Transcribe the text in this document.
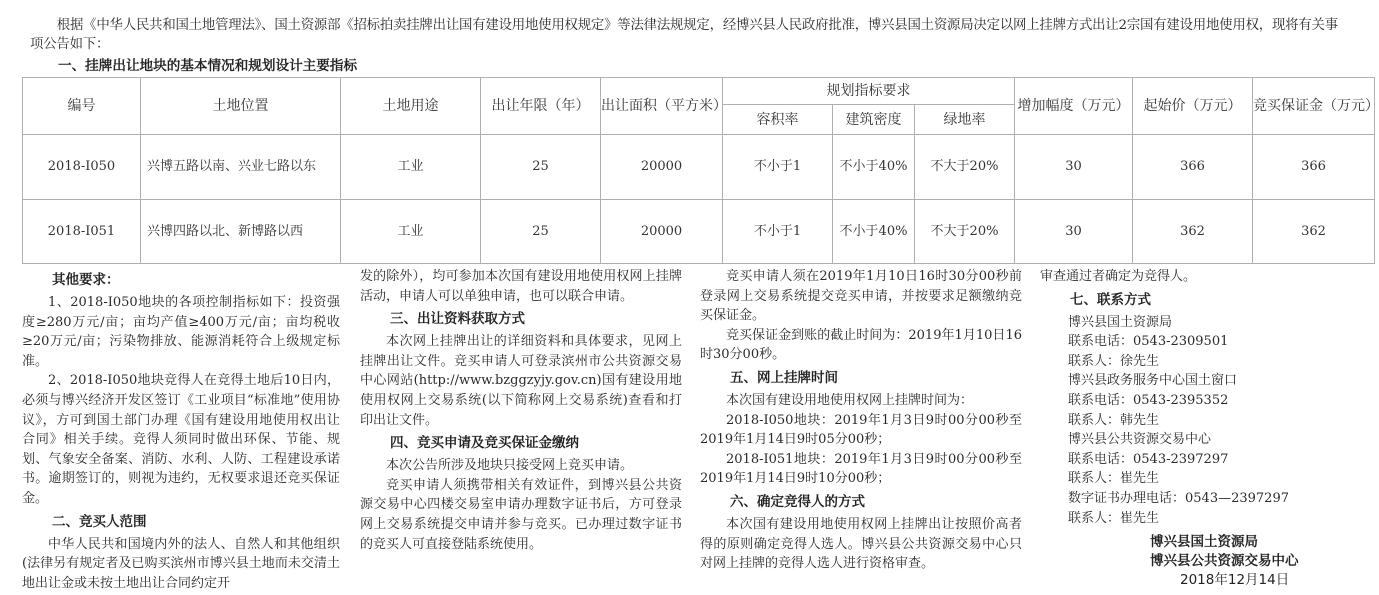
根据《中华人民共和国土地管理法》、国土资源部《招标拍卖挂牌出让国有建设用地使用权规定》等法律法规规定，经博兴县人民政府批准，博兴县国土资源局决定以网上挂牌方式出让2宗国有建设用地使用权，现将有关事项公告如下：
一、挂牌出让地块的基本情况和规划设计主要指标
编号	土地位置	土地用途	出让年限（年）	出让面积（平方米）	规划指标要求			增加幅度（万元）	起始价（万元）	竞买保证金（万元）
					容积率	建筑密度	绿地率			
2018-I050	兴博五路以南、兴业七路以东	工业	25	20000	不小于1	不小于40%	不大于20%	30	366	366
2018-I051	兴博四路以北、新博路以西	工业	25	20000	不小于1	不小于40%	不大于20%	30	362	362
其他要求：

1、2018-I050地块的各项控制指标如下：投资强度≥280万元/亩；亩均产值≥400万元/亩；亩均税收≥20万元/亩；污染物排放、能源消耗符合上级规定标准。

2、2018-I050地块竞得人在竞得土地后10日内，必须与博兴经济开发区签订《工业项目“标准地”使用协议》，方可到国土部门办理《国有建设用地使用权出让合同》相关手续。竞得人须同时做出环保、节能、规划、气象安全备案、消防、水利、人防、工程建设承诺书。逾期签订的，则视为违约，无权要求退还竞买保证金。

二、竞买人范围

中华人民共和国境内外的法人、自然人和其他组织(法律另有规定者及已购买滨州市博兴县土地而未交清土地出让金或未按土地出让合同约定开

发的除外），均可参加本次国有建设用地使用权网上挂牌活动，申请人可以单独申请，也可以联合申请。

三、出让资料获取方式

本次网上挂牌出让的详细资料和具体要求，见网上挂牌出让文件。竞买申请人可登录滨州市公共资源交易中心网站(http://www.bzggzyjy.gov.cn)国有建设用地使用权网上交易系统(以下简称网上交易系统)查看和打印出让文件。

四、竞买申请及竞买保证金缴纳

本次公告所涉及地块只接受网上竞买申请。

竞买申请人须携带相关有效证件，到博兴县公共资源交易中心四楼交易室申请办理数字证书后，方可登录网上交易系统提交申请并参与竞买。已办理过数字证书的竞买人可直接登陆系统使用。

竞买申请人须在2019年1月10日16时30分00秒前登录网上交易系统提交竞买申请，并按要求足额缴纳竞买保证金。

竞买保证金到账的截止时间为：2019年1月10日16时30分00秒。

五、网上挂牌时间

本次国有建设用地使用权网上挂牌时间为：

2018-I050地块：2019年1月3日9时00分00秒至2019年1月14日9时05分00秒；

2018-I051地块：2019年1月3日9时00分00秒至2019年1月14日9时10分00秒；

六、确定竞得人的方式

本次国有建设用地使用权网上挂牌出让按照价高者得的原则确定竞得人选人。博兴县公共资源交易中心只对网上挂牌的竞得人选人进行资格审查。

审查通过者确定为竞得人。

七、联系方式
博兴县国土资源局
联系电话：0543-2309501
联系人：徐先生
博兴县政务服务中心国土窗口
联系电话：0543-2395352
联系人：韩先生
博兴县公共资源交易中心
联系电话：0543-2397297
联系人：崔先生
数字证书办理电话：0543—2397297
联系人：崔先生
博兴县国土资源局
博兴县公共资源交易中心
2018年12月14日
